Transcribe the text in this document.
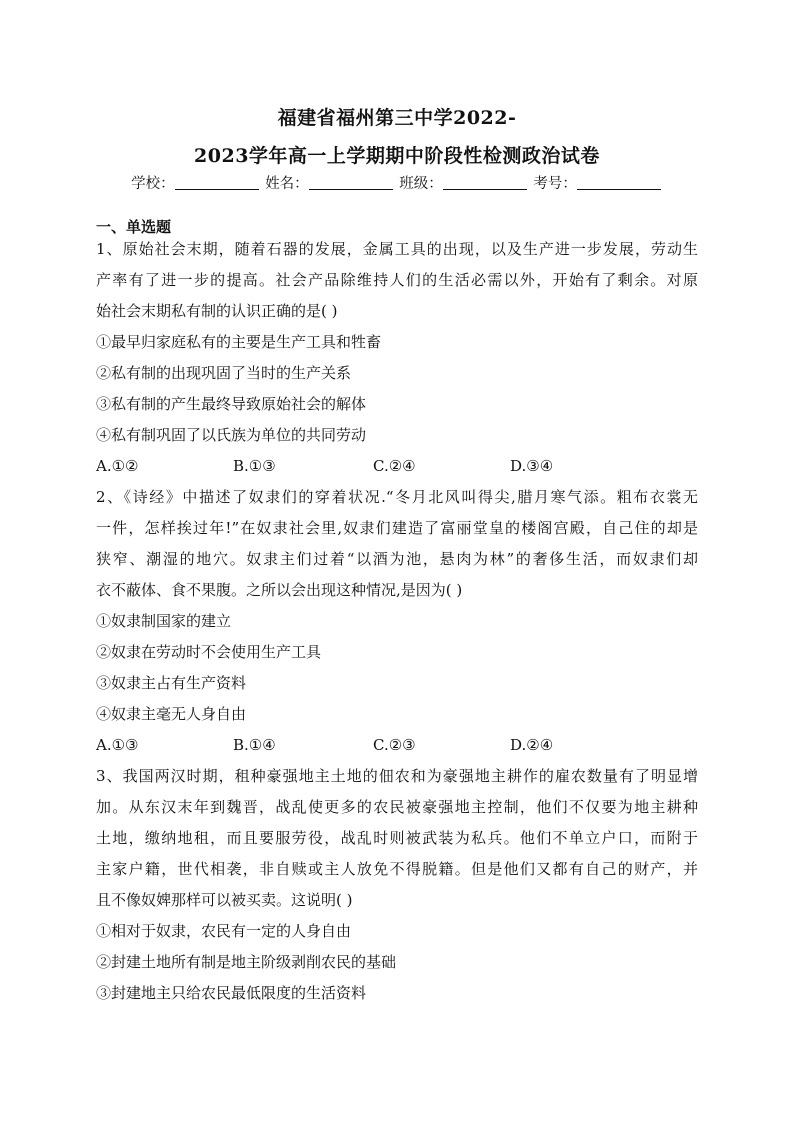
福建省福州第三中学2022-
2023学年高一上学期期中阶段性检测政治试卷
学校：	姓名：	班级：	考号：
一、单选题
1、原始社会末期，随着石器的发展，金属工具的出现，以及生产进一步发展，劳动生
产率有了进一步的提高。社会产品除维持人们的生活必需以外，开始有了剩余。对原
始社会末期私有制的认识正确的是( )
①最早归家庭私有的主要是生产工具和牲畜
②私有制的出现巩固了当时的生产关系
③私有制的产生最终导致原始社会的解体
④私有制巩固了以氏族为单位的共同劳动
A.①②	B.①③	C.②④	D.③④
2、《诗经》中描述了奴隶们的穿着状况.“冬月北风叫得尖,腊月寒气添。粗布衣裳无
一件，怎样挨过年!”在奴隶社会里,奴隶们建造了富丽堂皇的楼阁宫殿，自己住的却是
狭窄、潮湿的地穴。奴隶主们过着“以酒为池，悬肉为林”的奢侈生活，而奴隶们却
衣不蔽体、食不果腹。之所以会出现这种情况,是因为( )
①奴隶制国家的建立
②奴隶在劳动时不会使用生产工具
③奴隶主占有生产资料
④奴隶主毫无人身自由
A.①③	B.①④	C.②③	D.②④
3、我国两汉时期，租种豪强地主土地的佃农和为豪强地主耕作的雇农数量有了明显增
加。从东汉末年到魏晋，战乱使更多的农民被豪强地主控制，他们不仅要为地主耕种
土地，缴纳地租，而且要服劳役，战乱时则被武装为私兵。他们不单立户口，而附于
主家户籍，世代相袭，非自赎或主人放免不得脱籍。但是他们又都有自己的财产，并
且不像奴婢那样可以被买卖。这说明( )
①相对于奴隶，农民有一定的人身自由
②封建土地所有制是地主阶级剥削农民的基础
③封建地主只给农民最低限度的生活资料
